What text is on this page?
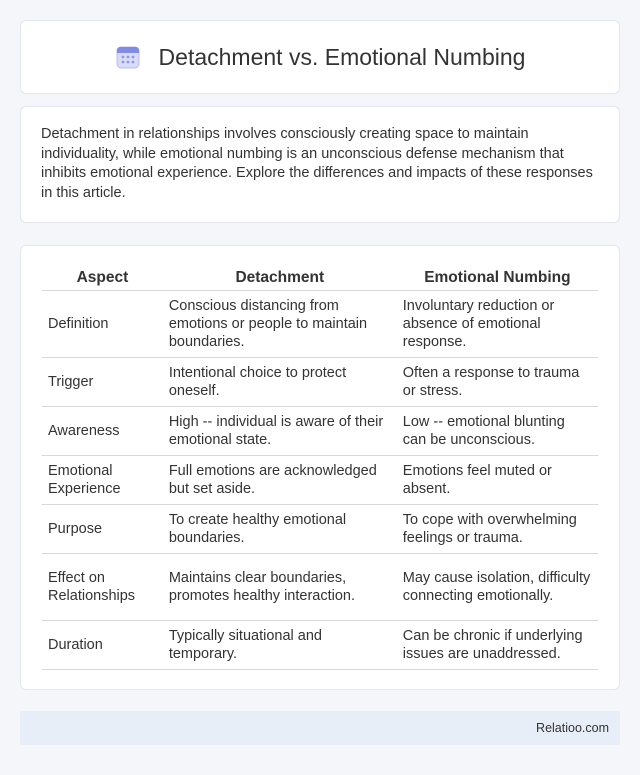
Detachment vs. Emotional Numbing

Detachment in relationships involves consciously creating space to maintain individuality, while emotional numbing is an unconscious defense mechanism that inhibits emotional experience. Explore the differences and impacts of these responses in this article.

Aspect	Detachment	Emotional Numbing
Definition	Conscious distancing from emotions or people to maintain boundaries.	Involuntary reduction or absence of emotional response.
Trigger	Intentional choice to protect oneself.	Often a response to trauma or stress.
Awareness	High -- individual is aware of their emotional state.	Low -- emotional blunting can be unconscious.
Emotional Experience	Full emotions are acknowledged but set aside.	Emotions feel muted or absent.
Purpose	To create healthy emotional boundaries.	To cope with overwhelming feelings or trauma.
Effect on Relationships	Maintains clear boundaries, promotes healthy interaction.	May cause isolation, difficulty connecting emotionally.
Duration	Typically situational and temporary.	Can be chronic if underlying issues are unaddressed.
Relatioo.com
